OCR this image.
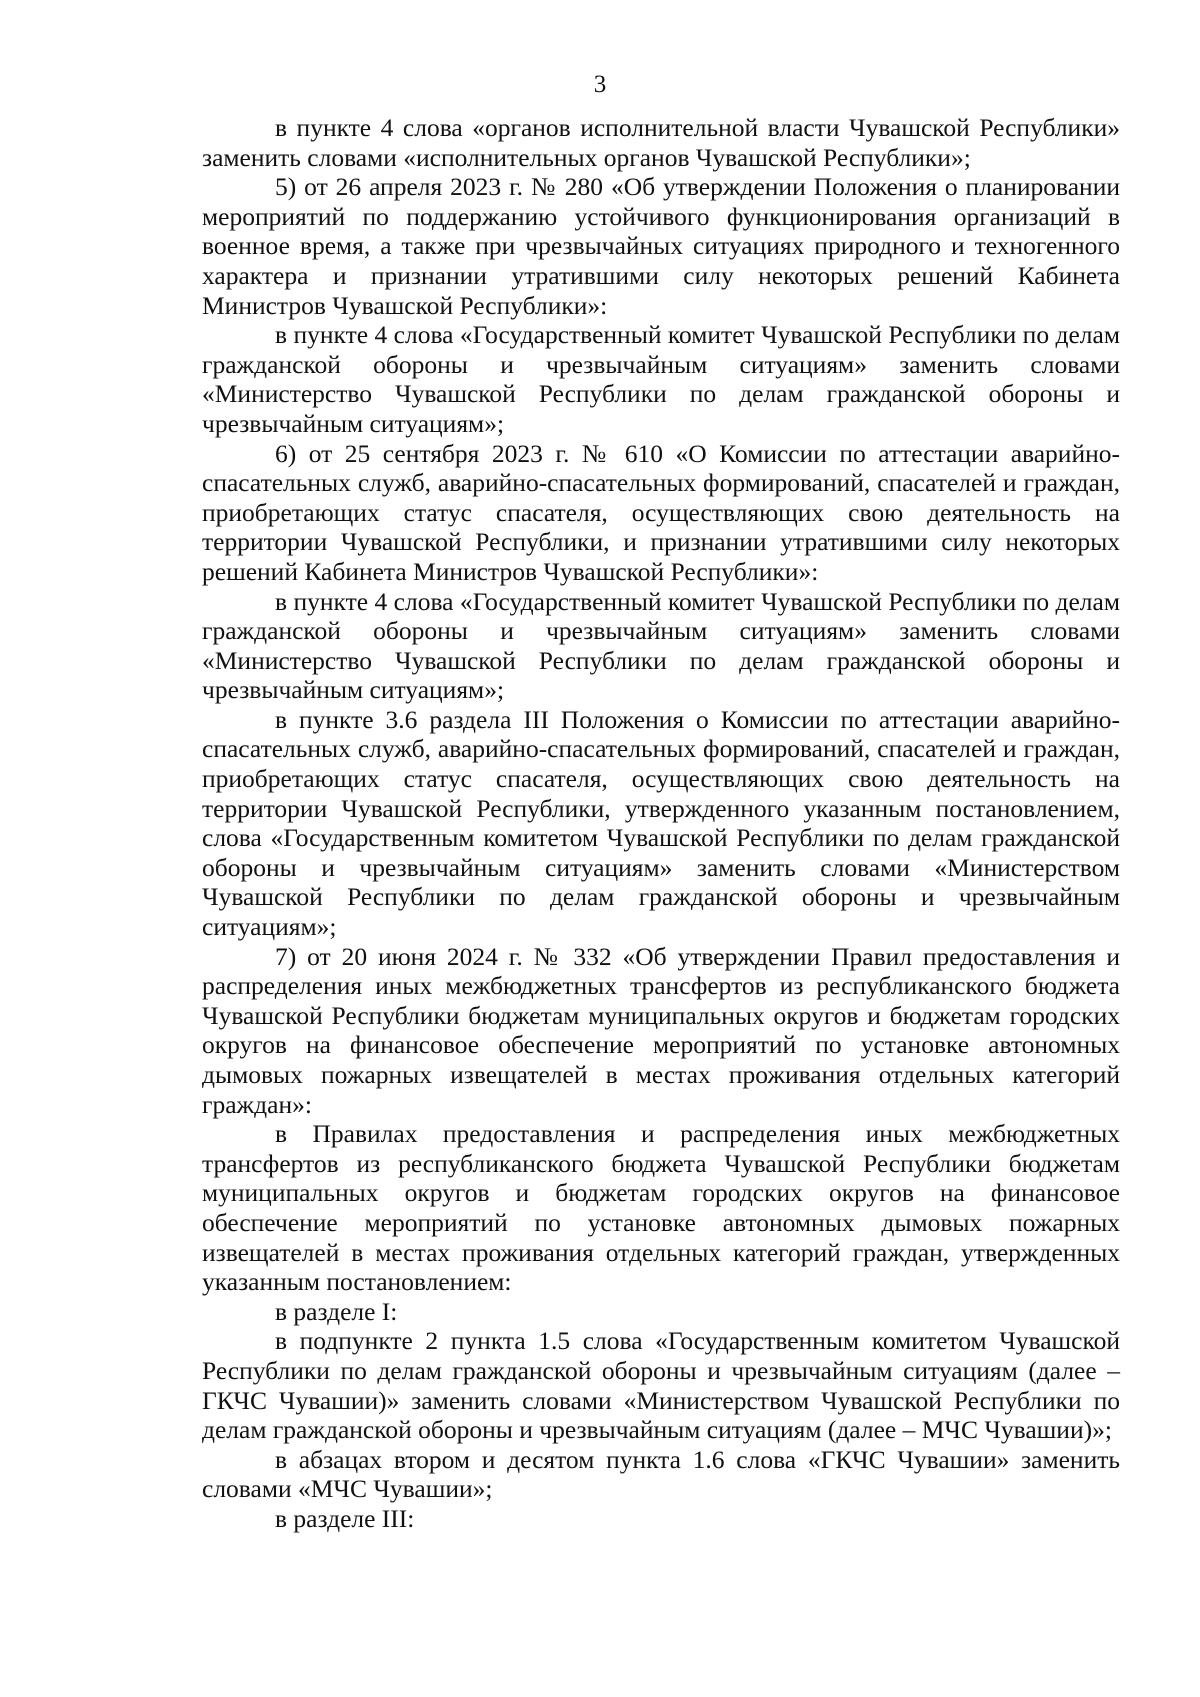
3

в пункте 4 слова «органов исполнительной власти Чувашской Республики» заменить словами «исполнительных органов Чувашской Республики»;

5) от 26 апреля 2023 г. № 280 «Об утверждении Положения о планировании мероприятий по поддержанию устойчивого функционирования организаций в военное время, а также при чрезвычайных ситуациях природного и техногенного характера и признании утратившими силу некоторых решений Кабинета Министров Чувашской Республики»:

в пункте 4 слова «Государственный комитет Чувашской Республики по делам гражданской обороны и чрезвычайным ситуациям» заменить словами «Министерство Чувашской Республики по делам гражданской обороны и чрезвычайным ситуациям»;

6) от 25 сентября 2023 г. № 610 «О Комиссии по аттестации аварийно-спасательных служб, аварийно-спасательных формирований, спасателей и граждан, приобретающих статус спасателя, осуществляющих свою деятельность на территории Чувашской Республики, и признании утратившими силу некоторых решений Кабинета Министров Чувашской Республики»:

в пункте 4 слова «Государственный комитет Чувашской Республики по делам гражданской обороны и чрезвычайным ситуациям» заменить словами «Министерство Чувашской Республики по делам гражданской обороны и чрезвычайным ситуациям»;

в пункте 3.6 раздела III Положения о Комиссии по аттестации аварийно-спасательных служб, аварийно-спасательных формирований, спасателей и граждан, приобретающих статус спасателя, осуществляющих свою деятельность на территории Чувашской Республики, утвержденного указанным постановлением, слова «Государственным комитетом Чувашской Республики по делам гражданской обороны и чрезвычайным ситуациям» заменить словами «Министерством Чувашской Республики по делам гражданской обороны и чрезвычайным ситуациям»;

7) от 20 июня 2024 г. № 332 «Об утверждении Правил предоставления и распределения иных межбюджетных трансфертов из республиканского бюджета Чувашской Республики бюджетам муниципальных округов и бюджетам городских округов на финансовое обеспечение мероприятий по установке автономных дымовых пожарных извещателей в местах проживания отдельных категорий граждан»:

в Правилах предоставления и распределения иных межбюджетных трансфертов из республиканского бюджета Чувашской Республики бюджетам муниципальных округов и бюджетам городских округов на финансовое обеспечение мероприятий по установке автономных дымовых пожарных извещателей в местах проживания отдельных категорий граждан, утвержденных указанным постановлением:

в разделе I:

в подпункте 2 пункта 1.5 слова «Государственным комитетом Чувашской Республики по делам гражданской обороны и чрезвычайным ситуациям (далее – ГКЧС Чувашии)» заменить словами «Министерством Чувашской Республики по делам гражданской обороны и чрезвычайным ситуациям (далее – МЧС Чувашии)»;

в абзацах втором и десятом пункта 1.6 слова «ГКЧС Чувашии» заменить словами «МЧС Чувашии»;

в разделе III:
